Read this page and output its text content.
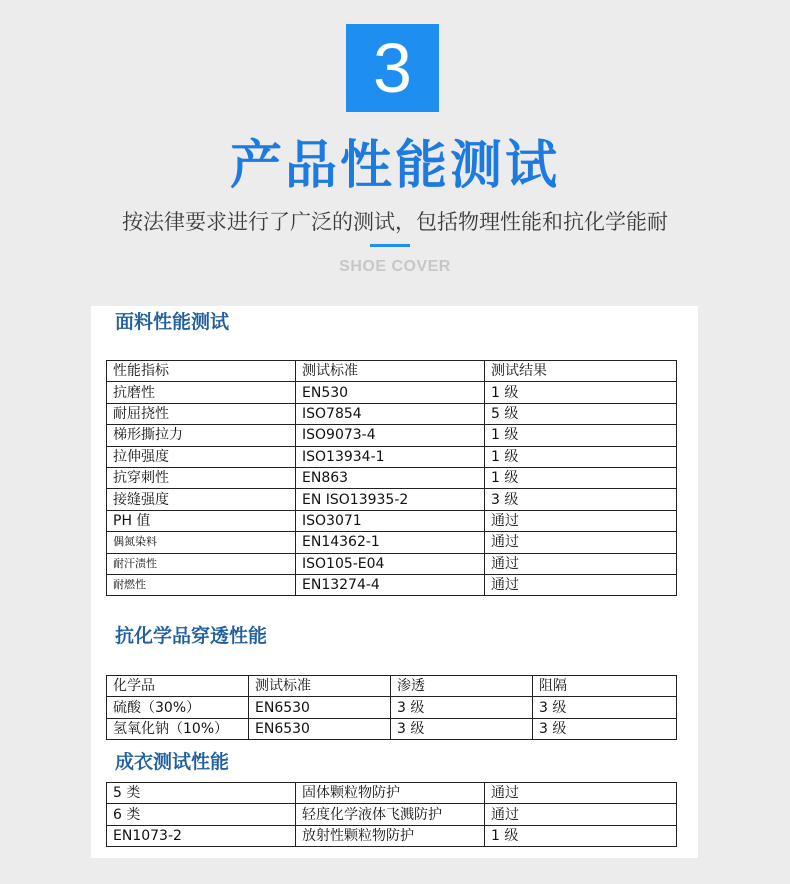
3
产品性能测试
按法律要求进行了广泛的测试，包括物理性能和抗化学能耐
SHOE COVER
面料性能测试
性能指标	测试标准	测试结果
抗磨性	EN530	1 级
耐屈挠性	ISO7854	5 级
梯形撕拉力	ISO9073-4	1 级
拉伸强度	ISO13934-1	1 级
抗穿刺性	EN863	1 级
接缝强度	EN ISO13935-2	3 级
PH 值	ISO3071	通过
偶氮染料	EN14362-1	通过
耐汗渍性	ISO105-E04	通过
耐燃性	EN13274-4	通过
抗化学品穿透性能
化学品	测试标准	渗透	阻隔
硫酸（30%）	EN6530	3 级	3 级
氢氧化钠（10%）	EN6530	3 级	3 级
成衣测试性能
5 类	固体颗粒物防护	通过
6 类	轻度化学液体飞溅防护	通过
EN1073-2	放射性颗粒物防护	1 级
